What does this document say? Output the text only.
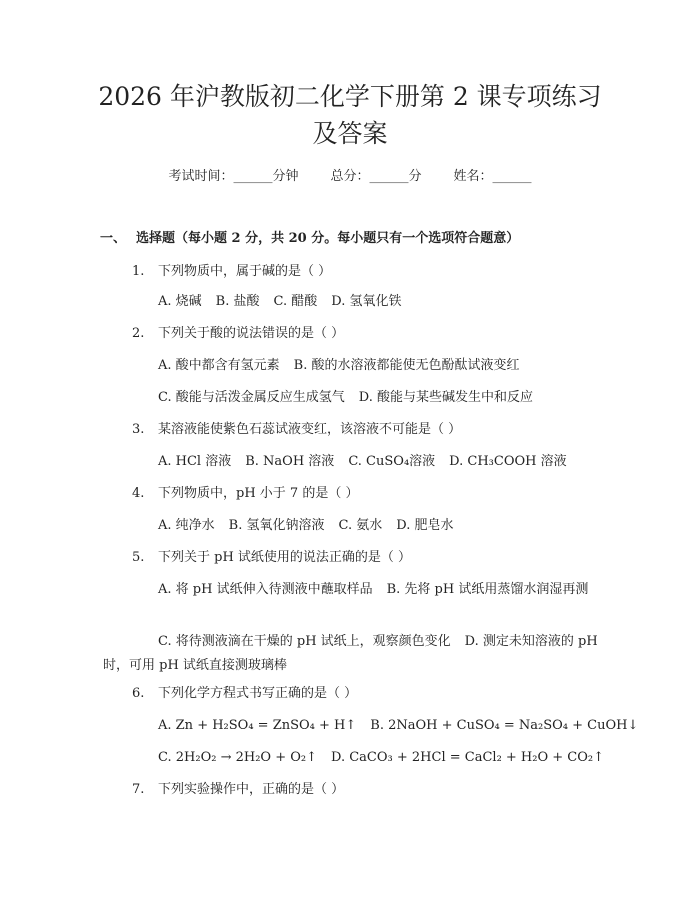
2026 年沪教版初二化学下册第 2 课专项练习
及答案
考试时间：______分钟 总分：______分 姓名：______
一、 选择题（每小题 2 分，共 20 分。每小题只有一个选项符合题意）
1. 下列物质中，属于碱的是（ ）
A. 烧碱 B. 盐酸 C. 醋酸 D. 氢氧化铁
2. 下列关于酸的说法错误的是（ ）
A. 酸中都含有氢元素 B. 酸的水溶液都能使无色酚酞试液变红
C. 酸能与活泼金属反应生成氢气 D. 酸能与某些碱发生中和反应
3. 某溶液能使紫色石蕊试液变红，该溶液不可能是（ ）
A. HCl 溶液 B. NaOH 溶液 C. CuSO₄溶液 D. CH₃COOH 溶液
4. 下列物质中，pH 小于 7 的是（ ）
A. 纯净水 B. 氢氧化钠溶液 C. 氨水 D. 肥皂水
5. 下列关于 pH 试纸使用的说法正确的是（ ）
A. 将 pH 试纸伸入待测液中蘸取样品 B. 先将 pH 试纸用蒸馏水润湿再测
C. 将待测液滴在干燥的 pH 试纸上，观察颜色变化 D. 测定未知溶液的 pH 时，可用 pH 试纸直接测玻璃棒
6. 下列化学方程式书写正确的是（ ）
A. Zn + H₂SO₄ = ZnSO₄ + H↑ B. 2NaOH + CuSO₄ = Na₂SO₄ + CuOH↓
C. 2H₂O₂ → 2H₂O + O₂↑ D. CaCO₃ + 2HCl = CaCl₂ + H₂O + CO₂↑
7. 下列实验操作中，正确的是（ ）
